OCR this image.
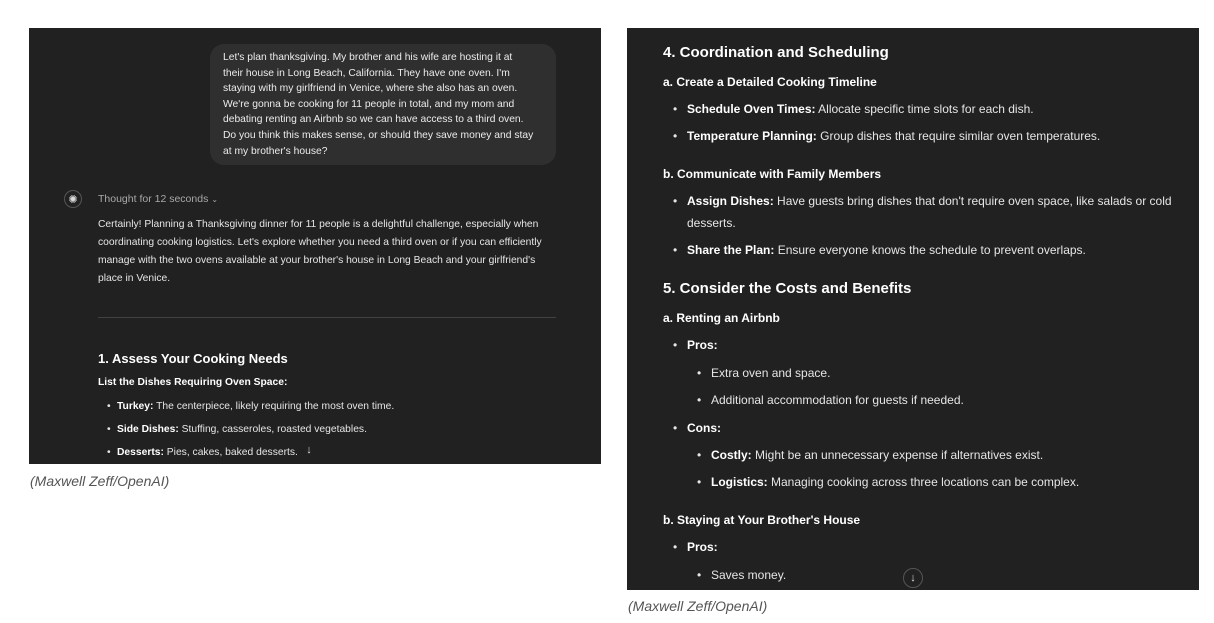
Let's plan thanksgiving. My brother and his wife are hosting it at
their house in Long Beach, California. They have one oven. I'm
staying with my girlfriend in Venice, where she also has an oven.
We're gonna be cooking for 11 people in total, and my mom and
debating renting an Airbnb so we can have access to a third oven.
Do you think this makes sense, or should they save money and stay
at my brother's house?
✺	Thought for 12 seconds ⌄
Certainly! Planning a Thanksgiving dinner for 11 people is a delightful challenge, especially when
coordinating cooking logistics. Let's explore whether you need a third oven or if you can efficiently
manage with the two ovens available at your brother's house in Long Beach and your girlfriend's
place in Venice.
1. Assess Your Cooking Needs
List the Dishes Requiring Oven Space:
• Turkey: The centerpiece, likely requiring the most oven time.
• Side Dishes: Stuffing, casseroles, roasted vegetables.
• Desserts: Pies, cakes, baked desserts. ↓
(Maxwell Zeff/OpenAI)
4. Coordination and Scheduling
a. Create a Detailed Cooking Timeline
• Schedule Oven Times: Allocate specific time slots for each dish.
• Temperature Planning: Group dishes that require similar oven temperatures.
b. Communicate with Family Members
• Assign Dishes: Have guests bring dishes that don't require oven space, like salads or cold
desserts.
• Share the Plan: Ensure everyone knows the schedule to prevent overlaps.
5. Consider the Costs and Benefits
a. Renting an Airbnb
• Pros:
• Extra oven and space.
• Additional accommodation for guests if needed.
• Cons:
• Costly: Might be an unnecessary expense if alternatives exist.
• Logistics: Managing cooking across three locations can be complex.
b. Staying at Your Brother's House
• Pros:
• Saves money.	↓
(Maxwell Zeff/OpenAI)
